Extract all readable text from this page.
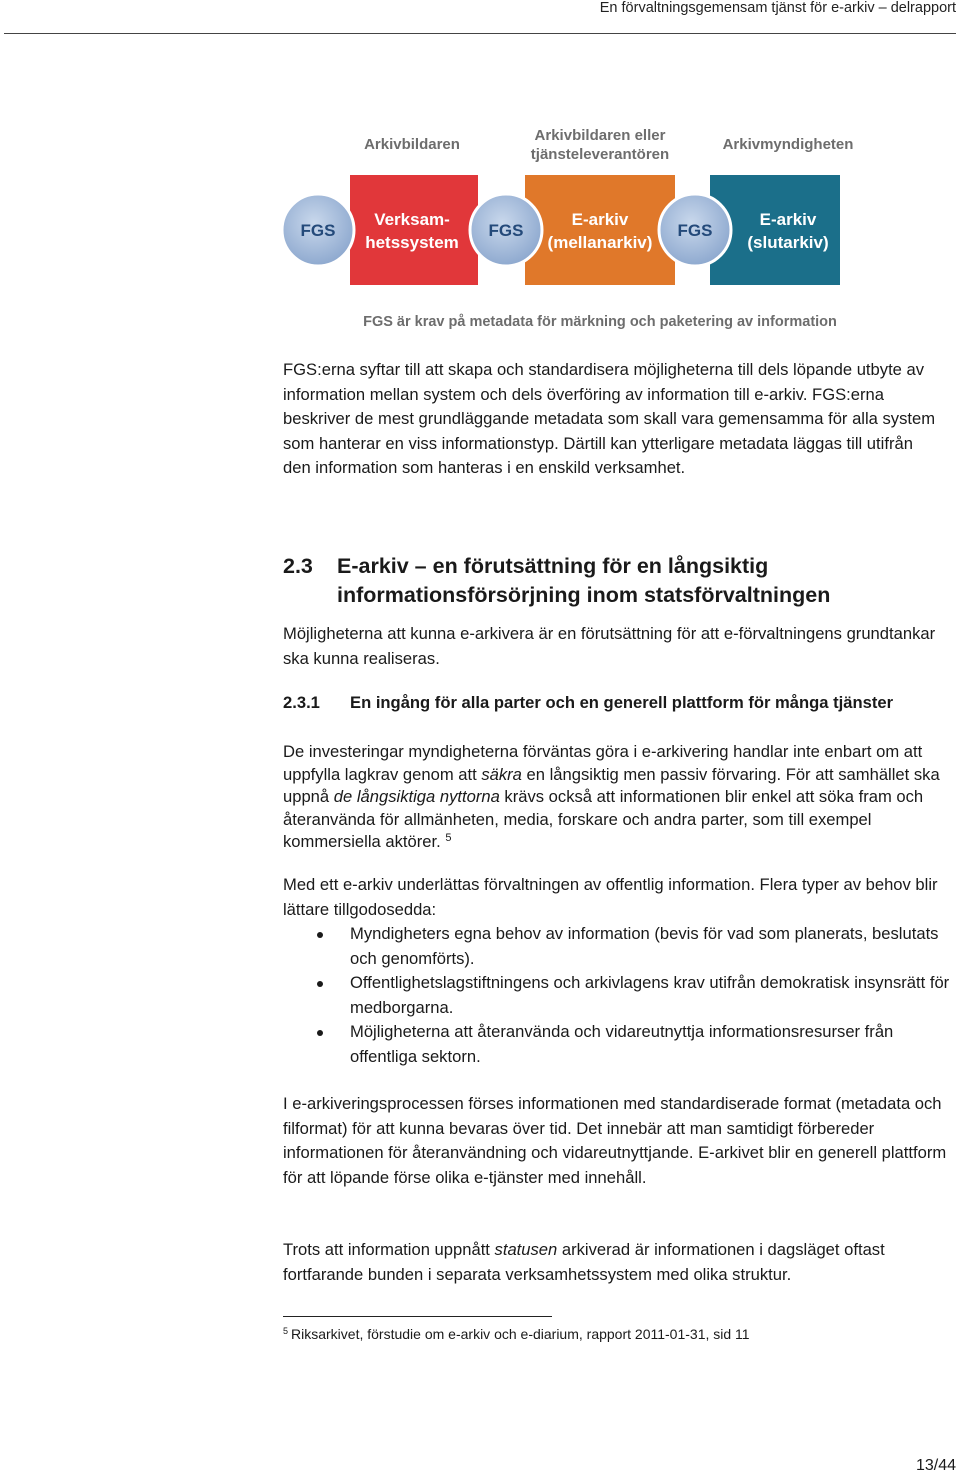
En förvaltningsgemensam tjänst för e-arkiv – delrapport
Arkivbildaren
Arkivbildaren eller
tjänsteleverantören
Arkivmyndigheten
Verksam-
hetssystem
E-arkiv
(mellanarkiv)
E-arkiv
(slutarkiv)
FGS	FGS	FGS
FGS är krav på metadata för märkning och paketering av information
FGS:erna syftar till att skapa och standardisera möjligheterna till dels löpande utbyte av information mellan system och dels överföring av information till e-arkiv. FGS:erna beskriver de mest grundläggande metadata som skall vara gemensamma för alla system som hanterar en viss informationstyp. Därtill kan ytterligare metadata läggas till utifrån den information som hanteras i en enskild verksamhet.
2.3 E-arkiv – en förutsättning för en långsiktig informationsförsörjning inom statsförvaltningen
Möjligheterna att kunna e-arkivera är en förutsättning för att e-förvaltningens grundtankar ska kunna realiseras.
2.3.1 En ingång för alla parter och en generell plattform för många tjänster
De investeringar myndigheterna förväntas göra i e-arkivering handlar inte enbart om att uppfylla lagkrav genom att säkra en långsiktig men passiv förvaring. För att samhället ska uppnå de långsiktiga nyttorna krävs också att informationen blir enkel att söka fram och återanvända för allmänheten, media, forskare och andra parter, som till exempel kommersiella aktörer. $^5$
Med ett e-arkiv underlättas förvaltningen av offentlig information. Flera typer av behov blir lättare tillgodosedda:
Myndigheters egna behov av information (bevis för vad som planerats, beslutats och genomförts).
Offentlighetslagstiftningens och arkivlagens krav utifrån demokratisk insynsrätt för medborgarna.
Möjligheterna att återanvända och vidareutnyttja informationsresurser från offentliga sektorn.
I e-arkiveringsprocessen förses informationen med standardiserade format (metadata och filformat) för att kunna bevaras över tid. Det innebär att man samtidigt förbereder informationen för återanvändning och vidareutnyttjande. E-arkivet blir en generell plattform för att löpande förse olika e-tjänster med innehåll.
Trots att information uppnått statusen arkiverad är informationen i dagsläget oftast fortfarande bunden i separata verksamhetssystem med olika struktur.
$^5$ Riksarkivet, förstudie om e-arkiv och e-diarium, rapport 2011-01-31, sid 11
13/44
